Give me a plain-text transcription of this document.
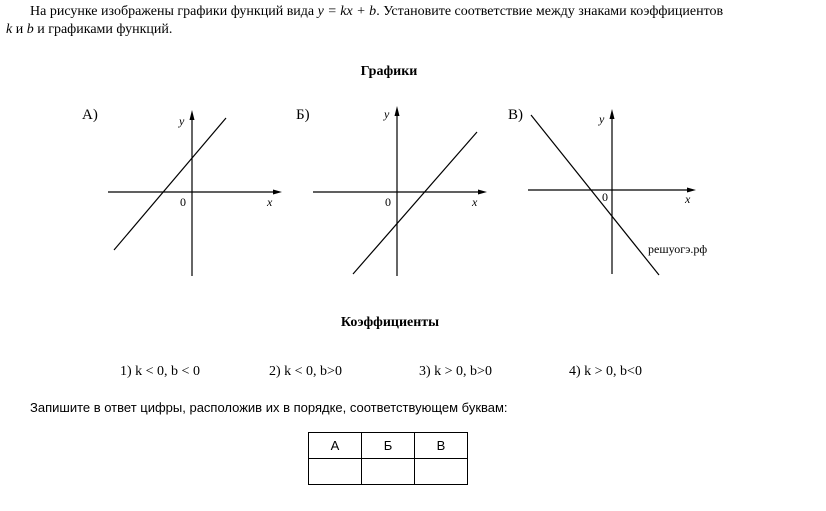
На рисунке изображены графики функций вида y = kx + b. Установите соответствие между знаками коэффициентов
k и b и графиками функций.
Графики
А)	y
x
0
Б)	y
x
0
В)	y
x
0
решуогэ.рф
Коэффициенты
1) k < 0, b < 0	2) k < 0, b>0	3) k > 0, b>0	4) k > 0, b<0
Запишите в ответ цифры, расположив их в порядке, соответствующем буквам:
А	Б	В
